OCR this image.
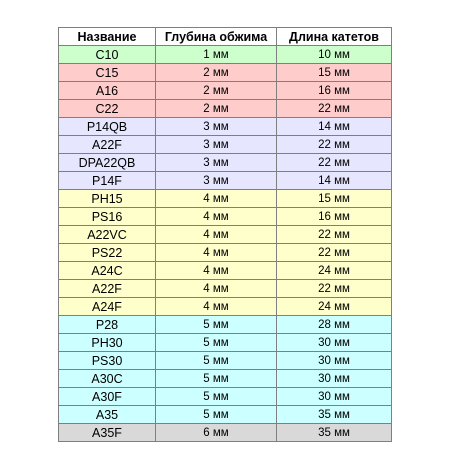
Название	Глубина обжима	Длина катетов
C10	1 мм	10 мм
C15	2 мм	15 мм
A16	2 мм	16 мм
C22	2 мм	22 мм
P14QB	3 мм	14 мм
A22F	3 мм	22 мм
DPA22QB	3 мм	22 мм
P14F	3 мм	14 мм
PH15	4 мм	15 мм
PS16	4 мм	16 мм
A22VC	4 мм	22 мм
PS22	4 мм	22 мм
A24C	4 мм	24 мм
A22F	4 мм	22 мм
A24F	4 мм	24 мм
P28	5 мм	28 мм
PH30	5 мм	30 мм
PS30	5 мм	30 мм
A30C	5 мм	30 мм
A30F	5 мм	30 мм
A35	5 мм	35 мм
A35F	6 мм	35 мм
